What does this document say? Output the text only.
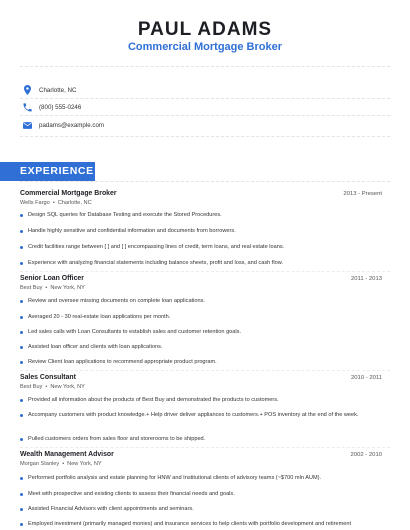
PAUL ADAMS
Commercial Mortgage Broker
Charlotte, NC
(800) 555-0246
padams@example.com
EXPERIENCE
Commercial Mortgage Broker	2013 - Present
Wells Fargo • Charlotte, NC
Design SQL queries for Database Testing and execute the Stored Procedures.
Handle highly sensitive and confidential information and documents from borrowers.
Credit facilities range between [ ] and [ ] encompassing lines of credit, term loans, and real estate loans.
Experience with analyzing financial statements including balance sheets, profit and loss, and cash flow.
Senior Loan Officer	2011 - 2013
Best Buy • New York, NY
Review and oversee missing documents on complete loan applications.
Averaged 20 - 30 real-estate loan applications per month.
Led sales calls with Loan Consultants to establish sales and customer retention goals.
Assisted loan officer and clients with loan applications.
Review Client loan applications to recommend appropriate product program.
Sales Consultant	2010 - 2011
Best Buy • New York, NY
Provided all information about the products of Best Buy and demonstrated the products to customers.
Accompany customers with product knowledge.+ Help driver deliver appliances to customers.+ POS inventory at the end of the week.
Pulled customers orders from sales floor and storerooms to be shipped.
Wealth Management Advisor	2002 - 2010
Morgan Stanley • New York, NY
Performed portfolio analysis and estate planning for HNW and Institutional clients of advisory teams (~$700 mln AUM).
Meet with prospective and existing clients to assess their financial needs and goals.
Assisted Financial Advisors with client appointments and seminars.
Employed investment (primarily managed monies) and insurance services to help clients with portfolio development and retirement
